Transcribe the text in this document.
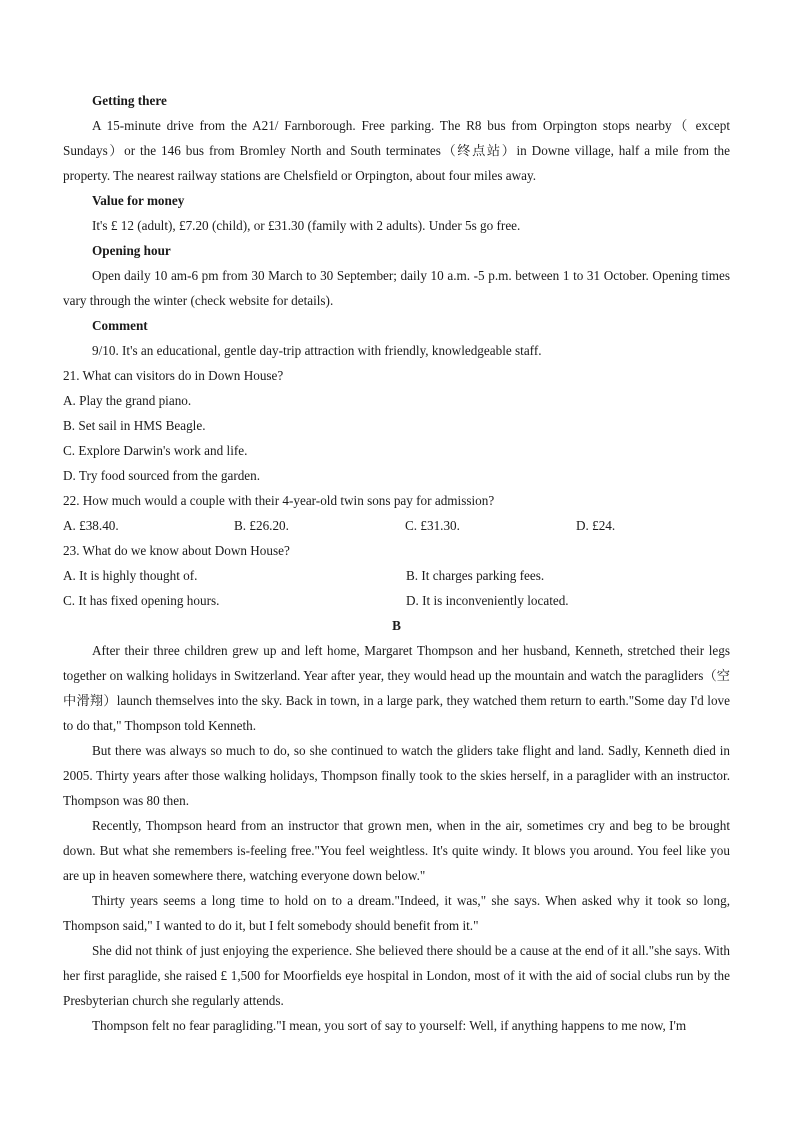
Getting there

A 15-minute drive from the A21/ Farnborough. Free parking. The R8 bus from Orpington stops nearby（ except Sundays）or the 146 bus from Bromley North and South terminates（终点站）in Downe village, half a mile from the property. The nearest railway stations are Chelsfield or Orpington, about four miles away.

Value for money

It's £ 12 (adult), £7.20 (child), or £31.30 (family with 2 adults). Under 5s go free.

Opening hour

Open daily 10 am-6 pm from 30 March to 30 September; daily 10 a.m. -5 p.m. between 1 to 31 October. Opening times vary through the winter (check website for details).

Comment

9/10. It's an educational, gentle day-trip attraction with friendly, knowledgeable staff.

21. What can visitors do in Down House?

A. Play the grand piano.

B. Set sail in HMS Beagle.

C. Explore Darwin's work and life.

D. Try food sourced from the garden.

22. How much would a couple with their 4-year-old twin sons pay for admission?

A. £38.40.	B. £26.20.	C. £31.30.	D. £24.

23. What do we know about Down House?

A. It is highly thought of.	B. It charges parking fees.
C. It has fixed opening hours.	D. It is inconveniently located.

B

After their three children grew up and left home, Margaret Thompson and her husband, Kenneth, stretched their legs together on walking holidays in Switzerland. Year after year, they would head up the mountain and watch the paragliders（空中滑翔）launch themselves into the sky. Back in town, in a large park, they watched them return to earth."Some day I'd love to do that," Thompson told Kenneth.

But there was always so much to do, so she continued to watch the gliders take flight and land. Sadly, Kenneth died in 2005. Thirty years after those walking holidays, Thompson finally took to the skies herself, in a paraglider with an instructor. Thompson was 80 then.

Recently, Thompson heard from an instructor that grown men, when in the air, sometimes cry and beg to be brought down. But what she remembers is-feeling free."You feel weightless. It's quite windy. It blows you around. You feel like you are up in heaven somewhere there, watching everyone down below."

Thirty years seems a long time to hold on to a dream."Indeed, it was," she says. When asked why it took so long, Thompson said," I wanted to do it, but I felt somebody should benefit from it."

She did not think of just enjoying the experience. She believed there should be a cause at the end of it all."she says. With her first paraglide, she raised £ 1,500 for Moorfields eye hospital in London, most of it with the aid of social clubs run by the Presbyterian church she regularly attends.

Thompson felt no fear paragliding."I mean, you sort of say to yourself: Well, if anything happens to me now, I'm
